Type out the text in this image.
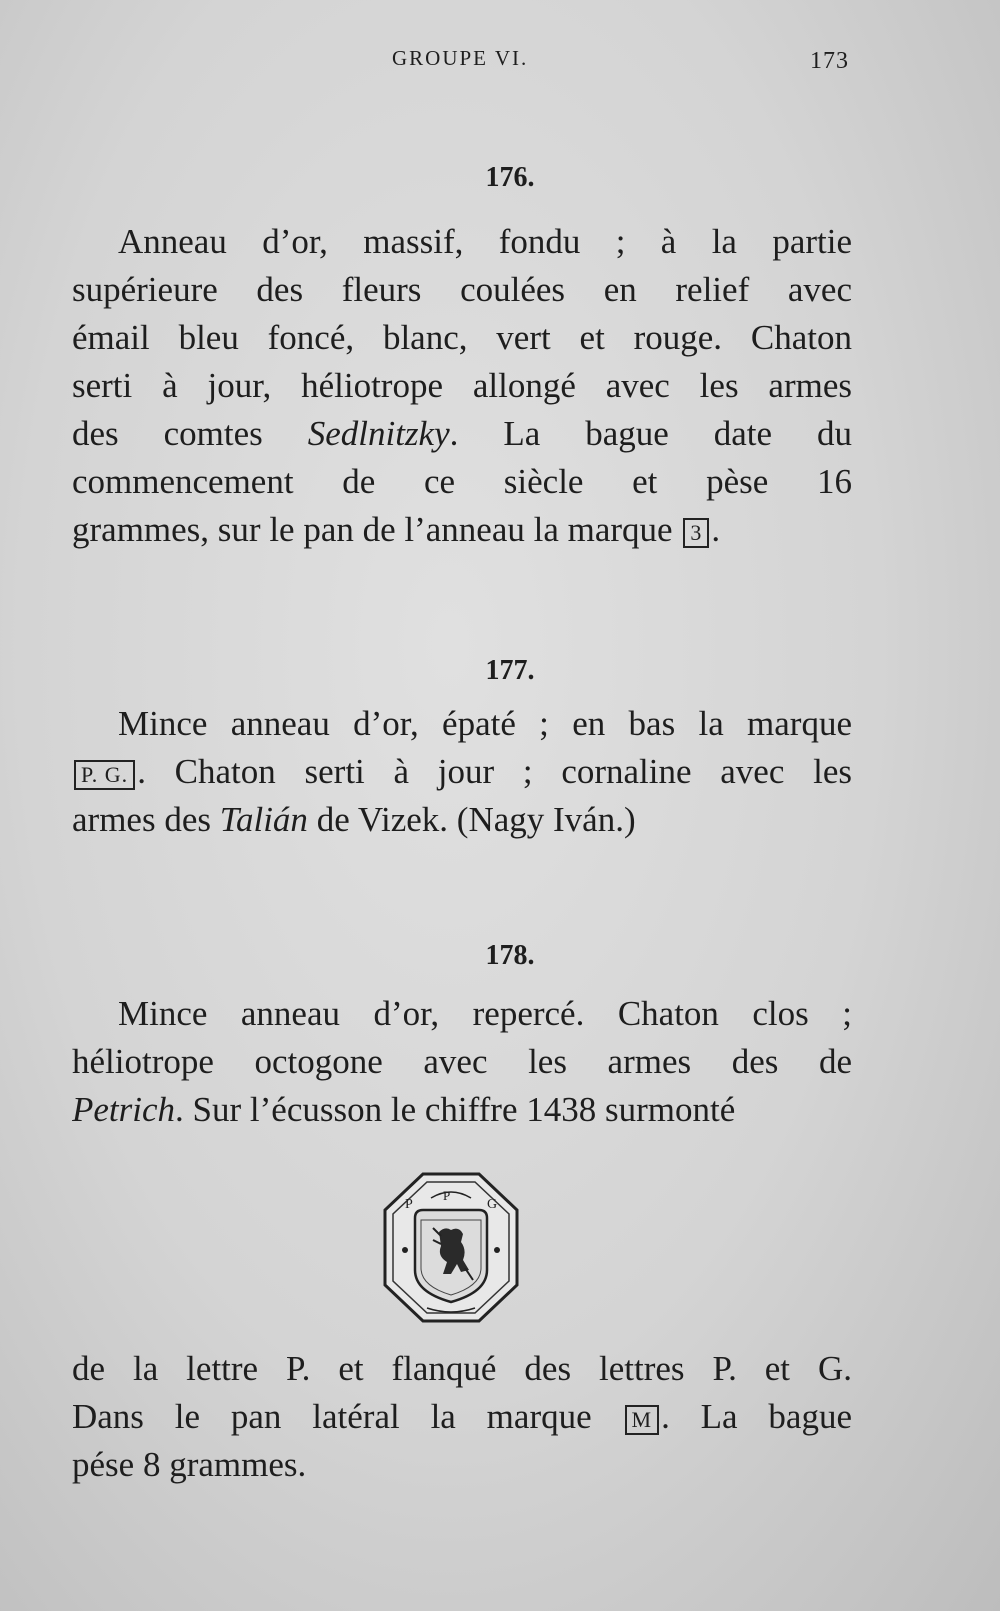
GROUPE VI.	173
176.
Anneau d’or, massif, fondu ; à la partie
supérieure des fleurs coulées en relief avec
émail bleu foncé, blanc, vert et rouge. Chaton
serti à jour, héliotrope allongé avec les armes
des comtes Sedlnitzky. La bague date du
commencement de ce siècle et pèse 16
grammes, sur le pan de l’anneau la marque 3 .
177.
Mince anneau d’or, épaté ; en bas la marque
P. G. . Chaton serti à jour ; cornaline avec les
armes des Talián de Vizek. (Nagy Iván.)
178.
Mince anneau d’or, repercé. Chaton clos ;
héliotrope octogone avec les armes des de
Petrich. Sur l’écusson le chiffre 1438 surmonté
P	G
P
de la lettre P. et flanqué des lettres P. et G.
Dans le pan latéral la marque M . La bague
pése 8 grammes.
